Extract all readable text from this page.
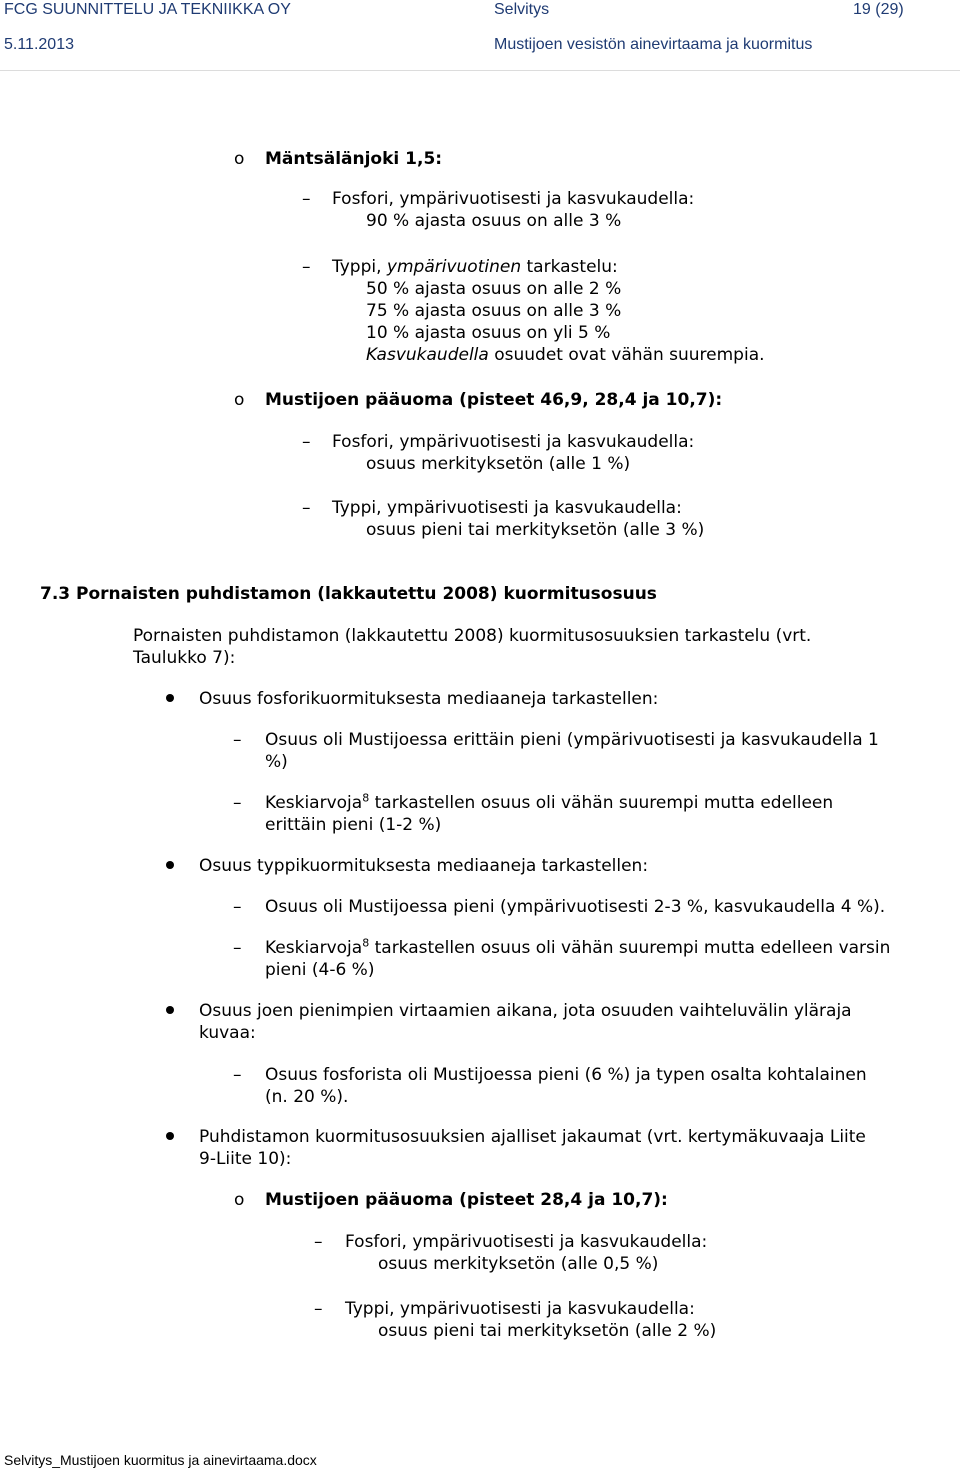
FCG SUUNNITTELU JA TEKNIIKKA OY
5.11.2013
Selvitys	19 (29)
Mustijoen vesistön ainevirtaama ja kuormitus
o Mäntsälänjoki 1,5:
– Fosfori, ympärivuotisesti ja kasvukaudella:
90 % ajasta osuus on alle 3 %
– Typpi, ympärivuotinen tarkastelu:
50 % ajasta osuus on alle 2 %
75 % ajasta osuus on alle 3 %
10 % ajasta osuus on yli 5 %
Kasvukaudella osuudet ovat vähän suurempia.
o Mustijoen pääuoma (pisteet 46,9, 28,4 ja 10,7):
– Fosfori, ympärivuotisesti ja kasvukaudella:
osuus merkityksetön (alle 1 %)
– Typpi, ympärivuotisesti ja kasvukaudella:
osuus pieni tai merkityksetön (alle 3 %)
7.3 Pornaisten puhdistamon (lakkautettu 2008) kuormitusosuus
Pornaisten puhdistamon (lakkautettu 2008) kuormitusosuuksien tarkastelu (vrt.
Taulukko 7):
Osuus fosforikuormituksesta mediaaneja tarkastellen:
– Osuus oli Mustijoessa erittäin pieni (ympärivuotisesti ja kasvukaudella 1
%)
– Keskiarvoja$^8$ tarkastellen osuus oli vähän suurempi mutta edelleen
erittäin pieni (1-2 %)
Osuus typpikuormituksesta mediaaneja tarkastellen:
– Osuus oli Mustijoessa pieni (ympärivuotisesti 2-3 %, kasvukaudella 4 %).
– Keskiarvoja$^8$ tarkastellen osuus oli vähän suurempi mutta edelleen varsin
pieni (4-6 %)
Osuus joen pienimpien virtaamien aikana, jota osuuden vaihteluvälin yläraja
kuvaa:
– Osuus fosforista oli Mustijoessa pieni (6 %) ja typen osalta kohtalainen
(n. 20 %).
Puhdistamon kuormitusosuuksien ajalliset jakaumat (vrt. kertymäkuvaaja Liite
9-Liite 10):
o Mustijoen pääuoma (pisteet 28,4 ja 10,7):
– Fosfori, ympärivuotisesti ja kasvukaudella:
osuus merkityksetön (alle 0,5 %)
– Typpi, ympärivuotisesti ja kasvukaudella:
osuus pieni tai merkityksetön (alle 2 %)
Selvitys_Mustijoen kuormitus ja ainevirtaama.docx
